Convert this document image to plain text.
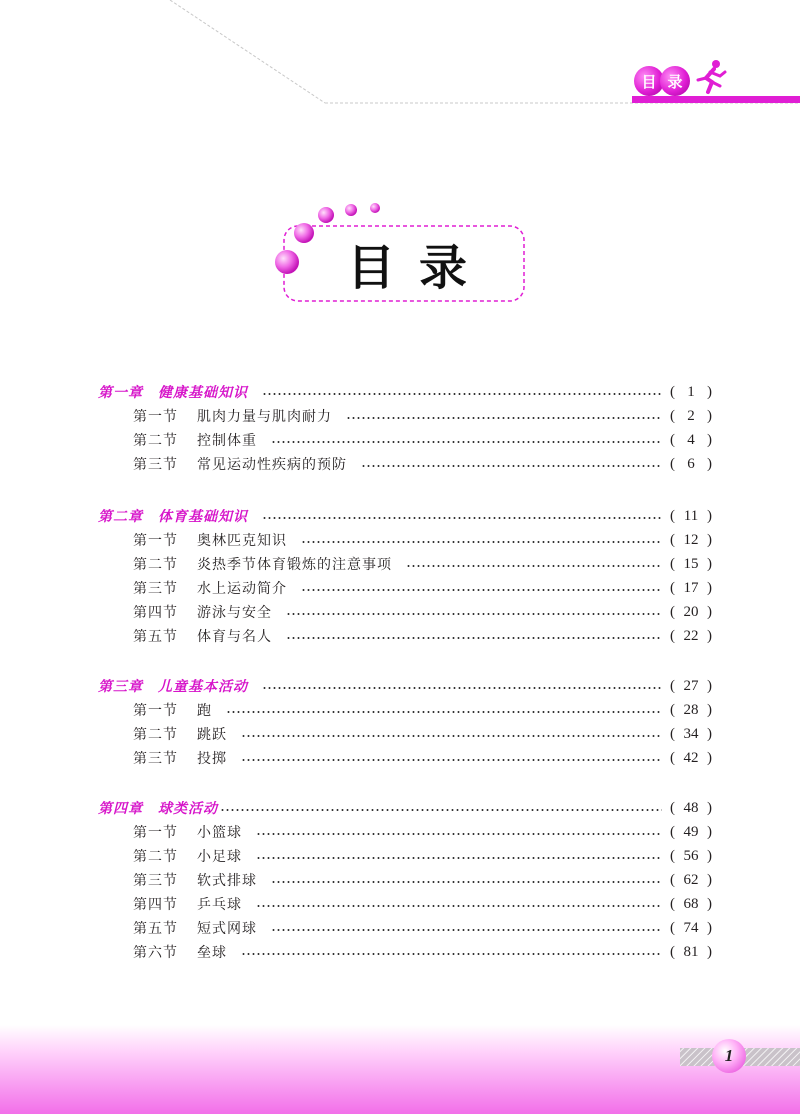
目 录
目录
第一章	健康基础知识	( 1 )
第一节	肌肉力量与肌肉耐力	( 2 )
第二节	控制体重	( 4 )
第三节	常见运动性疾病的预防	( 6 )
第二章	体育基础知识	( 11 )
第一节	奥林匹克知识	( 12 )
第二节	炎热季节体育锻炼的注意事项	( 15 )
第三节	水上运动简介	( 17 )
第四节	游泳与安全	( 20 )
第五节	体育与名人	( 22 )
第三章	儿童基本活动	( 27 )
第一节	跑	( 28 )
第二节	跳跃	( 34 )
第三节	投掷	( 42 )
第四章	球类活动	( 48 )
第一节	小篮球	( 49 )
第二节	小足球	( 56 )
第三节	软式排球	( 62 )
第四节	乒乓球	( 68 )
第五节	短式网球	( 74 )
第六节	垒球	( 81 )
1
